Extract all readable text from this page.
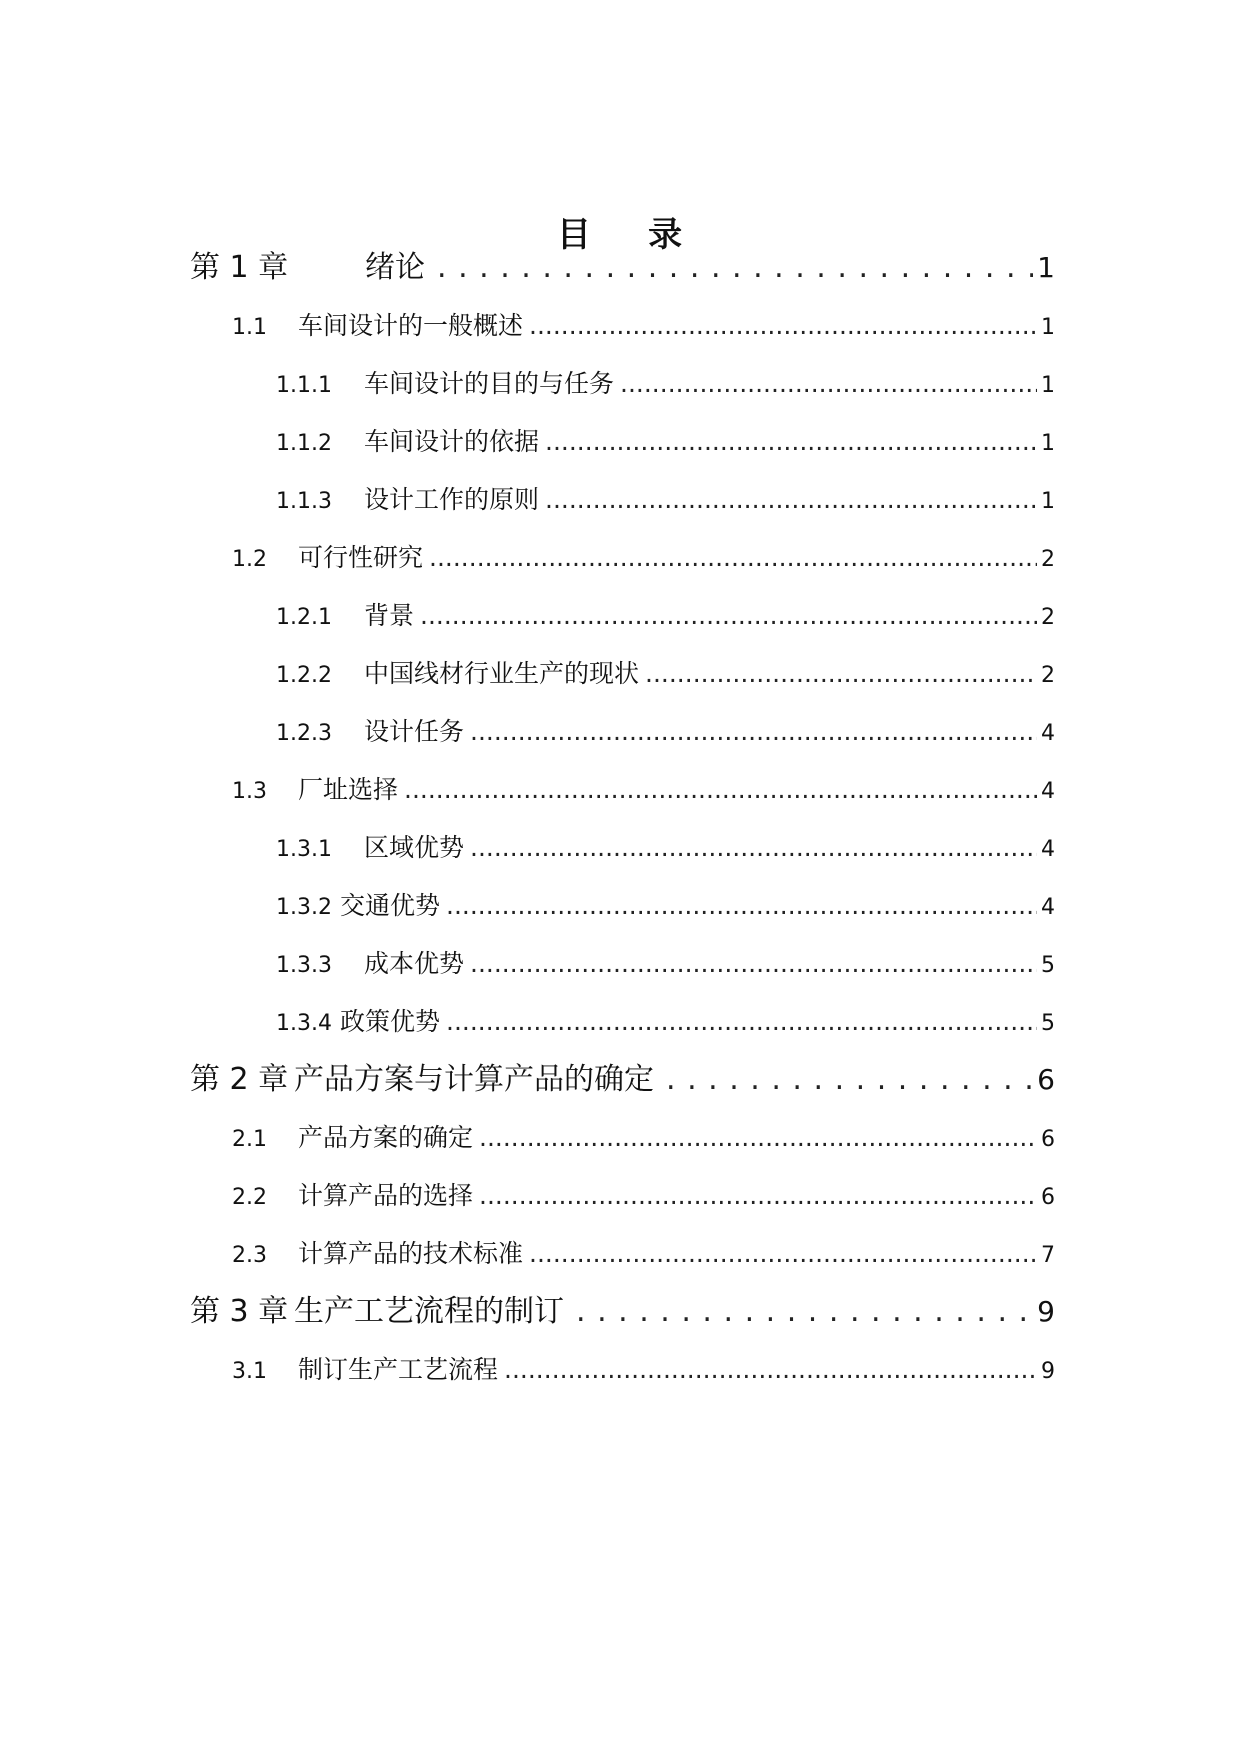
目    录
第 1 章	绪论 . . .	1
1.1	车间设计的一般概述 .....	1
1.1.1	车间设计的目的与任务 .....	1
1.1.2	车间设计的依据 .....	1
1.1.3	设计工作的原则 .....	1
1.2	可行性研究 .....	2
1.2.1	背景 .....	2
1.2.2	中国线材行业生产的现状 .....	2
1.2.3	设计任务 .....	4
1.3	厂址选择 .....	4
1.3.1	区域优势 .....	4
1.3.2 交通优势 .....	4
1.3.3	成本优势 .....	5
1.3.4 政策优势 .....	5
第 2 章 产品方案与计算产品的确定 . . .	6
2.1	产品方案的确定 .....	6
2.2	计算产品的选择 .....	6
2.3	计算产品的技术标准 .....	7
第 3 章 生产工艺流程的制订 . . .	9
3.1	制订生产工艺流程 .....	9
